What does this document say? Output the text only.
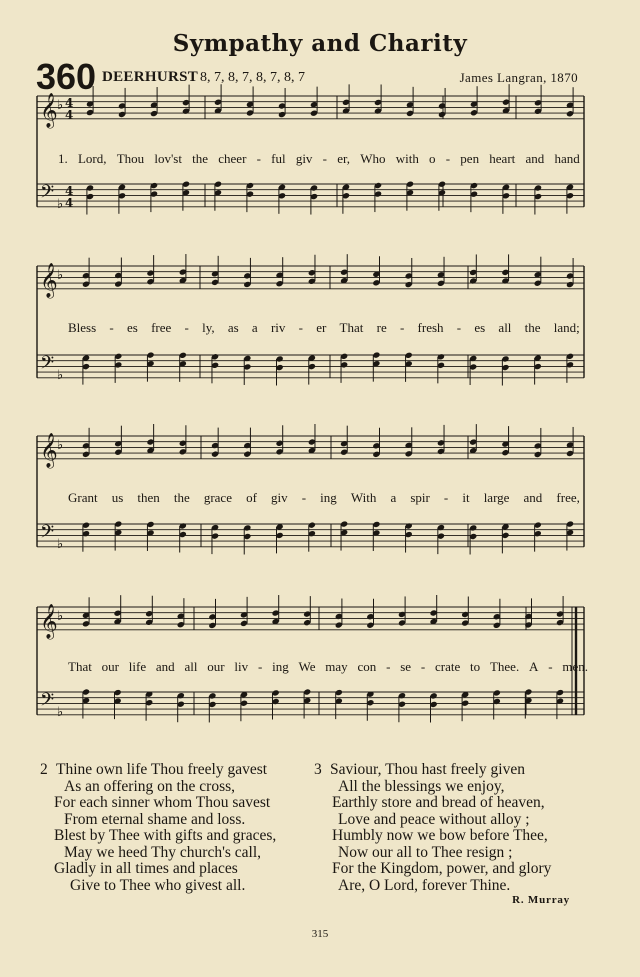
Sympathy and Charity
360 DEERHURST 8, 7, 8, 7, 8, 7, 8, 7	James Langran, 1870
𝄞
𝄢
♭
♭
4
4
4
4
𝄞
𝄢
♭
♭
𝄞
𝄢
♭
♭
𝄞
𝄢
♭
♭
1. Lord, Thou lov'st the cheer - ful giv - er, Who with o - pen heart and hand
Bless - es free - ly, as a riv - er That re - fresh - es all the land;
Grant us then the grace of giv - ing With a spir - it large and free,
That our life and all our liv - ing We may con - se - crate to Thee. A - men.
2 Thine own life Thou freely gavest
As an offering on the cross,
For each sinner whom Thou savest
From eternal shame and loss.
Blest by Thee with gifts and graces,
May we heed Thy church's call,
Gladly in all times and places
Give to Thee who givest all.
3 Saviour, Thou hast freely given
All the blessings we enjoy,
Earthly store and bread of heaven,
Love and peace without alloy ;
Humbly now we bow before Thee,
Now our all to Thee resign ;
For the Kingdom, power, and glory
Are, O Lord, forever Thine.
R. Murray
315
